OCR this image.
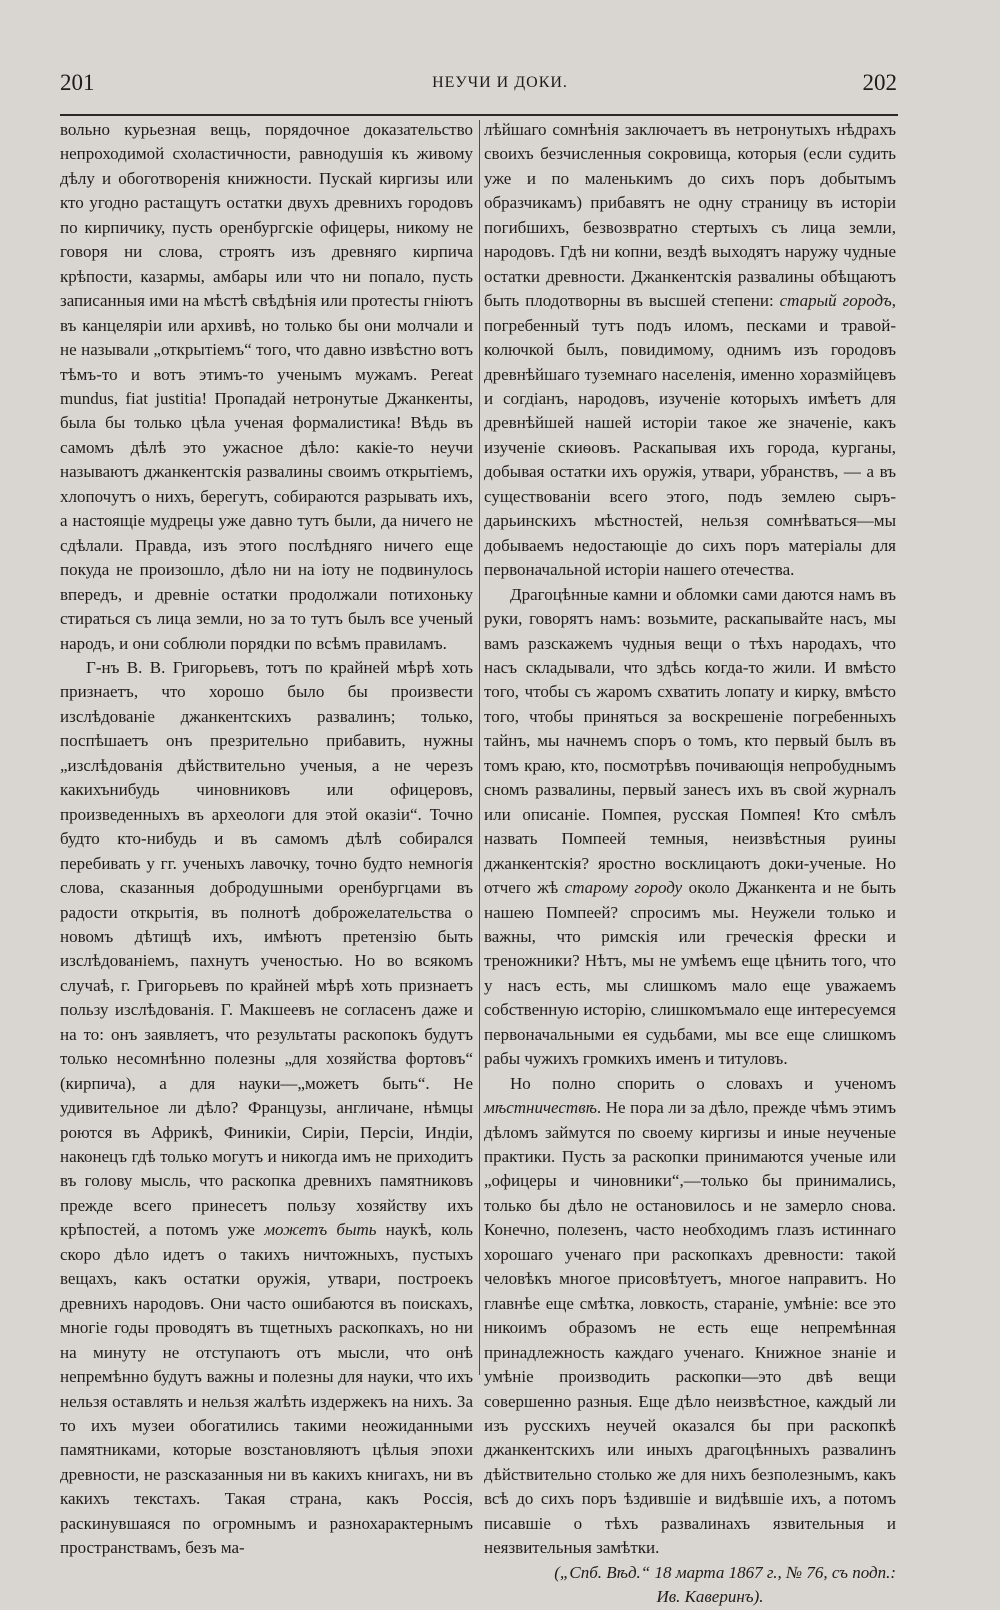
201	НЕУЧИ И ДОКИ.	202

вольно курьезная вещь, порядочное доказательство непроходимой схоластичности, равнодушія къ живому дѣлу и обоготворенія книжности. Пускай киргизы или кто угодно растащутъ остатки двухъ древнихъ городовъ по кирпичику, пусть оренбургскіе офицеры, никому не говоря ни слова, строятъ изъ древняго кирпича крѣпости, казармы, амбары или что ни попало, пусть записанныя ими на мѣстѣ свѣдѣнія или протесты гніютъ въ канцеляріи или архивѣ, но только бы они молчали и не называли „открытіемъ“ того, что давно извѣстно вотъ тѣмъ-то и вотъ этимъ-то ученымъ мужамъ. Pereat mundus, fiat justitia! Пропадай нетронутые Джанкенты, была бы только цѣла ученая формалистика! Вѣдь въ самомъ дѣлѣ это ужасное дѣло: какіе-то неучи называютъ джанкентскія развалины своимъ открытіемъ, хлопочутъ о нихъ, берегутъ, собираются разрывать ихъ, а настоящіе мудрецы уже давно тутъ были, да ничего не сдѣлали. Правда, изъ этого послѣдняго ничего еще покуда не произошло, дѣло ни на іоту не подвинулось впередъ, и древніе остатки продолжали потихоньку стираться съ лица земли, но за то тутъ былъ все ученый народъ, и они соблюли порядки по всѣмъ правиламъ.

Г-нъ В. В. Григорьевъ, тотъ по крайней мѣрѣ хоть признаетъ, что хорошо было бы произвести изслѣдованіе джанкентскихъ развалинъ; только, поспѣшаетъ онъ презрительно прибавить, нужны „изслѣдованія дѣйствительно ученыя, а не черезъ какихънибудь чиновниковъ или офицеровъ, произведенныхъ въ археологи для этой оказіи“. Точно будто кто-нибудь и въ самомъ дѣлѣ собирался перебивать у гг. ученыхъ лавочку, точно будто немногія слова, сказанныя добродушными оренбургцами въ радости открытія, въ полнотѣ доброжелательства о новомъ дѣтищѣ ихъ, имѣютъ претензію быть изслѣдованіемъ, пахнутъ ученостью. Но во всякомъ случаѣ, г. Григорьевъ по крайней мѣрѣ хоть признаетъ пользу изслѣдованія. Г. Макшеевъ не согласенъ даже и на то: онъ заявляетъ, что результаты раскопокъ будутъ только несомнѣнно полезны „для хозяйства фортовъ“ (кирпича), а для науки—„можетъ быть“. Не удивительное ли дѣло? Французы, англичане, нѣмцы роются въ Африкѣ, Финикіи, Сиріи, Персіи, Индіи, наконецъ гдѣ только могутъ и никогда имъ не приходитъ въ голову мысль, что раскопка древнихъ памятниковъ прежде всего принесетъ пользу хозяйству ихъ крѣпостей, а потомъ уже можетъ быть наукѣ, коль скоро дѣло идетъ о такихъ ничтожныхъ, пустыхъ вещахъ, какъ остатки оружія, утвари, построекъ древнихъ народовъ. Они часто ошибаются въ поискахъ, многіе годы проводятъ въ тщетныхъ раскопкахъ, но ни на минуту не отступаютъ отъ мысли, что онѣ непремѣнно будутъ важны и полезны для науки, что ихъ нельзя оставлять и нельзя жалѣть издержекъ на нихъ. За то ихъ музеи обогатились такими неожиданными памятниками, которые возстановляютъ цѣлыя эпохи древности, не разсказанныя ни въ какихъ книгахъ, ни въ какихъ текстахъ. Такая страна, какъ Россія, раскинувшаяся по огромнымъ и разнохарактернымъ пространствамъ, безъ ма-

лѣйшаго сомнѣнія заключаетъ въ нетронутыхъ нѣдрахъ своихъ безчисленныя сокровища, которыя (если судить уже и по маленькимъ до сихъ поръ добытымъ образчикамъ) прибавятъ не одну страницу въ исторіи погибшихъ, безвозвратно стертыхъ съ лица земли, народовъ. Гдѣ ни копни, вездѣ выходятъ наружу чудные остатки древности. Джанкентскія развалины обѣщаютъ быть плодотворны въ высшей степени: старый городъ, погребенный тутъ подъ иломъ, песками и травой-колючкой былъ, повидимому, однимъ изъ городовъ древнѣйшаго туземнаго населенія, именно хоразмійцевъ и согдіанъ, народовъ, изученіе которыхъ имѣетъ для древнѣйшей нашей исторіи такое же значеніе, какъ изученіе скиѳовъ. Раскапывая ихъ города, курганы, добывая остатки ихъ оружія, утвари, убранствъ, — а въ существованіи всего этого, подъ землею сыръ-дарьинскихъ мѣстностей, нельзя сомнѣваться—мы добываемъ недостающіе до сихъ поръ матеріалы для первоначальной исторіи нашего отечества.

Драгоцѣнные камни и обломки сами даются намъ въ руки, говорятъ намъ: возьмите, раскапывайте насъ, мы вамъ разскажемъ чудныя вещи о тѣхъ народахъ, что насъ складывали, что здѣсь когда-то жили. И вмѣсто того, чтобы съ жаромъ схватить лопату и кирку, вмѣсто того, чтобы приняться за воскрешеніе погребенныхъ тайнъ, мы начнемъ споръ о томъ, кто первый былъ въ томъ краю, кто, посмотрѣвъ почивающія непробуднымъ сномъ развалины, первый занесъ ихъ въ свой журналъ или описаніе. Помпея, русская Помпея! Кто смѣлъ назвать Помпеей темныя, неизвѣстныя руины джанкентскія? яростно восклицаютъ доки-ученые. Но отчего жѣ старому городу около Джанкента и не быть нашею Помпеей? спросимъ мы. Неужели только и важны, что римскія или греческія фрески и треножники? Нѣтъ, мы не умѣемъ еще цѣнить того, что у насъ есть, мы слишкомъ мало еще уважаемъ собственную исторію, слишкомъмало еще интересуемся первоначальными ея судьбами, мы все еще слишкомъ рабы чужихъ громкихъ именъ и титуловъ.

Но полно спорить о словахъ и ученомъ мѣстничествѣ. Не пора ли за дѣло, прежде чѣмъ этимъ дѣломъ займутся по своему киргизы и иные неученые практики. Пусть за раскопки принимаются ученые или „офицеры и чиновники“,—только бы принимались, только бы дѣло не остановилось и не замерло снова. Конечно, полезенъ, часто необходимъ глазъ истиннаго хорошаго ученаго при раскопкахъ древности: такой человѣкъ многое присовѣтуетъ, многое направитъ. Но главнѣе еще смѣтка, ловкость, стараніе, умѣніе: все это никоимъ образомъ не есть еще непремѣнная принадлежность каждаго ученаго. Книжное знаніе и умѣніе производить раскопки—это двѣ вещи совершенно разныя. Еще дѣло неизвѣстное, каждый ли изъ русскихъ неучей оказался бы при раскопкѣ джанкентскихъ или иныхъ драгоцѣнныхъ развалинъ дѣйствительно столько же для нихъ безполезнымъ, какъ всѣ до сихъ поръ ѣздившіе и видѣвшіе ихъ, а потомъ писавшіе о тѣхъ развалинахъ язвительныя и неязвительныя замѣтки.

(„Спб. Вѣд.“ 18 марта 1867 г., № 76, съ подп.:

Ив. Каверинъ).
